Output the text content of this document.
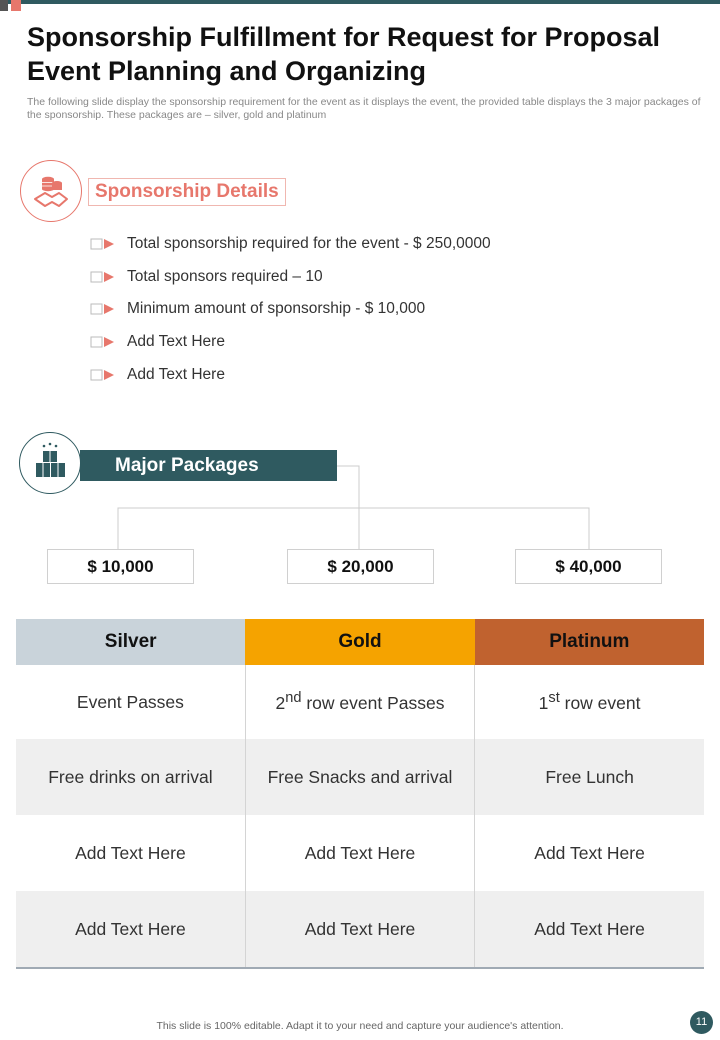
Sponsorship Fulfillment for Request for Proposal
Event Planning and Organizing

The following slide display the sponsorship requirement for the event as it displays the event, the provided table displays the 3 major packages of the sponsorship. These packages are – silver, gold and platinum

Sponsorship Details
Total sponsorship required for the event - $ 250,0000
Total sponsors required – 10
Minimum amount of sponsorship - $ 10,000
Add Text Here
Add Text Here
Major Packages
$ 10,000	$ 20,000	$ 40,000
Silver	Gold	Platinum
Event Passes	2nd row event Passes	1st row event
Free drinks on arrival	Free Snacks and arrival	Free Lunch
Add Text Here	Add Text Here	Add Text Here
Add Text Here	Add Text Here	Add Text Here
This slide is 100% editable. Adapt it to your need and capture your audience's attention.	11
